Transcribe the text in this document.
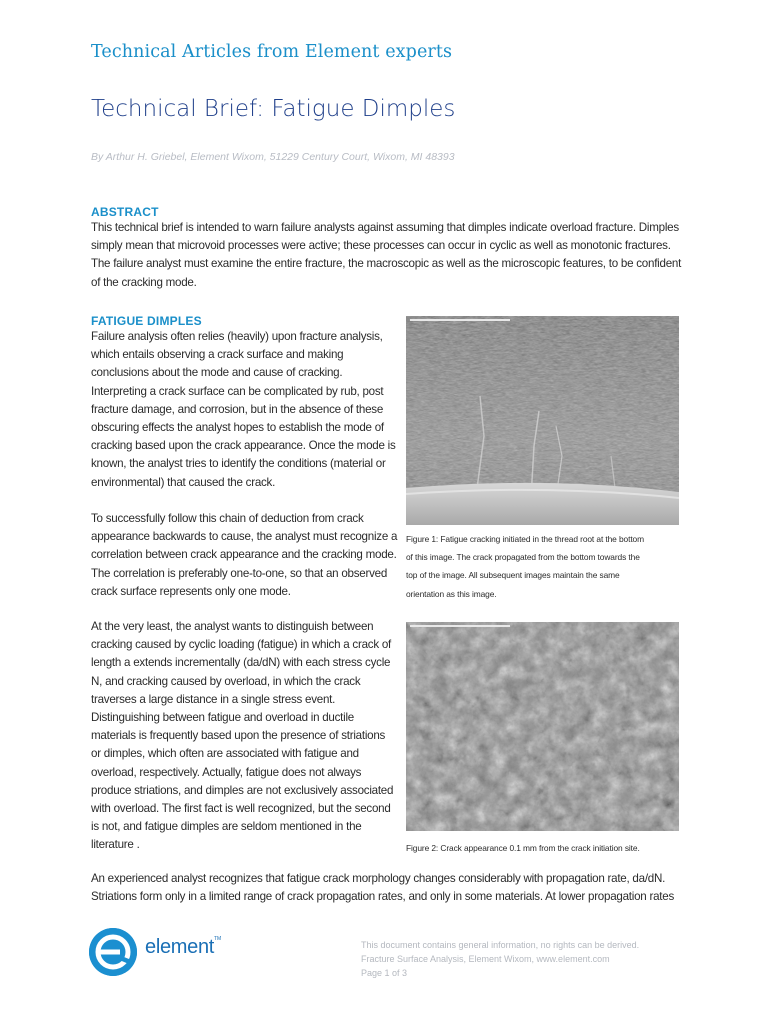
Technical Articles from Element experts
Technical Brief: Fatigue Dimples
By Arthur H. Griebel, Element Wixom, 51229 Century Court, Wixom, MI 48393
ABSTRACT
This technical brief is intended to warn failure analysts against assuming that dimples indicate overload fracture. Dimples
simply mean that microvoid processes were active; these processes can occur in cyclic as well as monotonic fractures.
The failure analyst must examine the entire fracture, the macroscopic as well as the microscopic features, to be confident
of the cracking mode.
FATIGUE DIMPLES
Failure analysis often relies (heavily) upon fracture analysis,
which entails observing a crack surface and making
conclusions about the mode and cause of cracking.
Interpreting a crack surface can be complicated by rub, post
fracture damage, and corrosion, but in the absence of these
obscuring effects the analyst hopes to establish the mode of
cracking based upon the crack appearance. Once the mode is
known, the analyst tries to identify the conditions (material or
environmental) that caused the crack.
To successfully follow this chain of deduction from crack
appearance backwards to cause, the analyst must recognize a
correlation between crack appearance and the cracking mode.
The correlation is preferably one-to-one, so that an observed
crack surface represents only one mode.
At the very least, the analyst wants to distinguish between
cracking caused by cyclic loading (fatigue) in which a crack of
length a extends incrementally (da/dN) with each stress cycle
N, and cracking caused by overload, in which the crack
traverses a large distance in a single stress event.
Distinguishing between fatigue and overload in ductile
materials is frequently based upon the presence of striations
or dimples, which often are associated with fatigue and
overload, respectively. Actually, fatigue does not always
produce striations, and dimples are not exclusively associated
with overload. The first fact is well recognized, but the second
is not, and fatigue dimples are seldom mentioned in the
literature .
An experienced analyst recognizes that fatigue crack morphology changes considerably with propagation rate, da/dN.
Striations form only in a limited range of crack propagation rates, and only in some materials. At lower propagation rates
Figure 1: Fatigue cracking initiated in the thread root at the bottom
of this image. The crack propagated from the bottom towards the
top of the image. All subsequent images maintain the same
orientation as this image.
Figure 2: Crack appearance 0.1 mm from the crack initiation site.
element TM
This document contains general information, no rights can be derived.
Fracture Surface Analysis, Element Wixom, www.element.com
Page 1 of 3
